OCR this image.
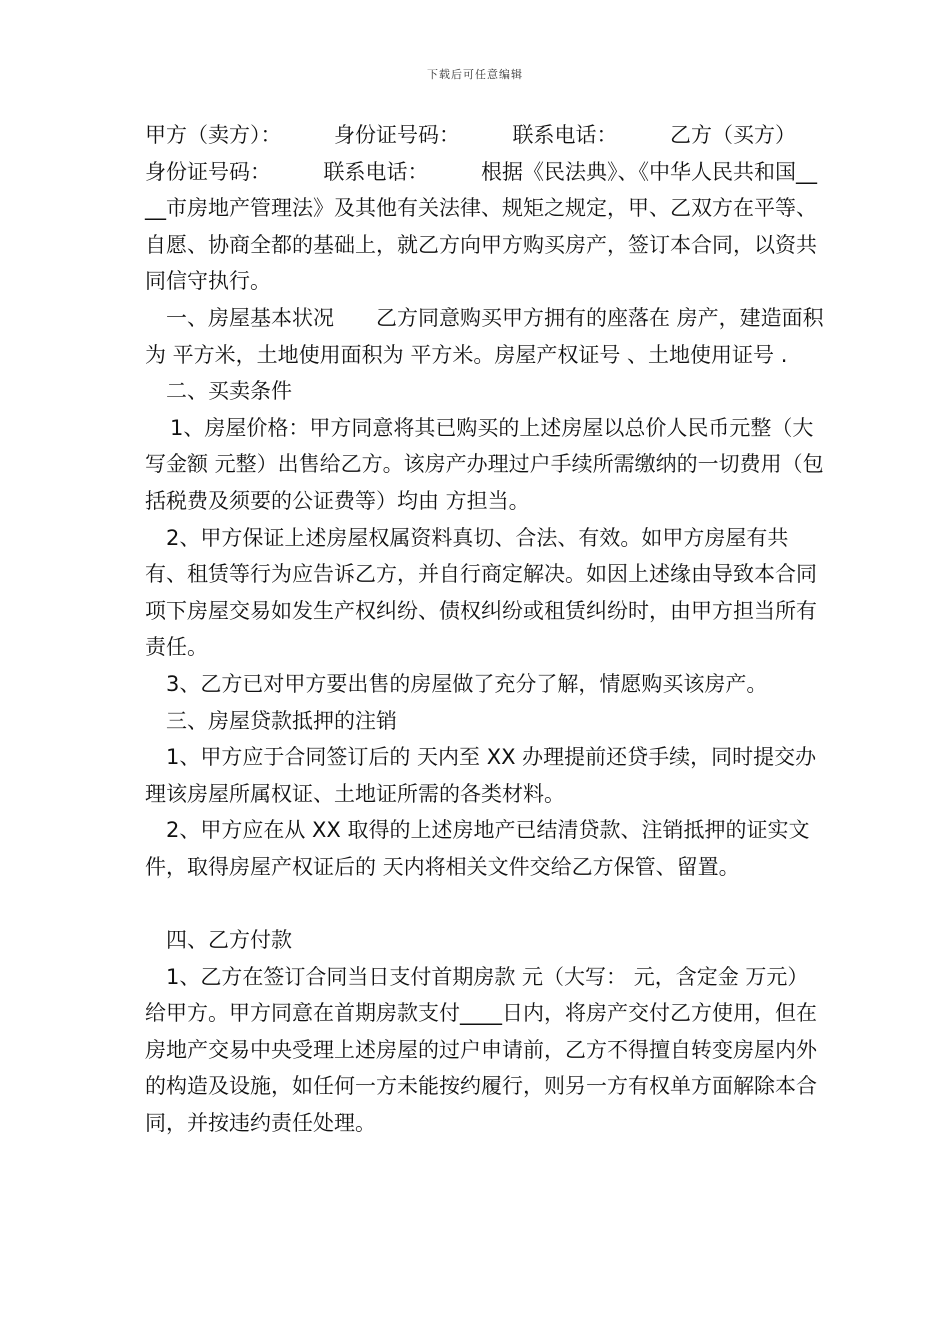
下载后可任意编辑

甲方（卖方）：　　　身份证号码：　　　联系电话：　　　乙方（买方）　　身份证号码：　　　联系电话：　　　根据《民法典》、《中华人民共和国____市房地产管理法》及其他有关法律、规矩之规定，甲、乙双方在平等、自愿、协商全都的基础上，就乙方向甲方购买房产，签订本合同，以资共同信守执行。

一、房屋基本状况　　乙方同意购买甲方拥有的座落在 房产，建造面积为 平方米，土地使用面积为 平方米。房屋产权证号 、土地使用证号 .

二、买卖条件

1、房屋价格：甲方同意将其已购买的上述房屋以总价人民币元整（大写金额 元整）出售给乙方。该房产办理过户手续所需缴纳的一切费用（包括税费及须要的公证费等）均由 方担当。

2、甲方保证上述房屋权属资料真切、合法、有效。如甲方房屋有共有、租赁等行为应告诉乙方，并自行商定解决。如因上述缘由导致本合同项下房屋交易如发生产权纠纷、债权纠纷或租赁纠纷时，由甲方担当所有责任。

3、乙方已对甲方要出售的房屋做了充分了解，情愿购买该房产。

三、房屋贷款抵押的注销

1、甲方应于合同签订后的 天内至 XX 办理提前还贷手续，同时提交办理该房屋所属权证、土地证所需的各类材料。

2、甲方应在从 XX 取得的上述房地产已结清贷款、注销抵押的证实文件，取得房屋产权证后的 天内将相关文件交给乙方保管、留置。

四、乙方付款

1、乙方在签订合同当日支付首期房款 元（大写： 元，含定金 万元）给甲方。甲方同意在首期房款支付____日内，将房产交付乙方使用，但在房地产交易中央受理上述房屋的过户申请前，乙方不得擅自转变房屋内外的构造及设施，如任何一方未能按约履行，则另一方有权单方面解除本合同，并按违约责任处理。
